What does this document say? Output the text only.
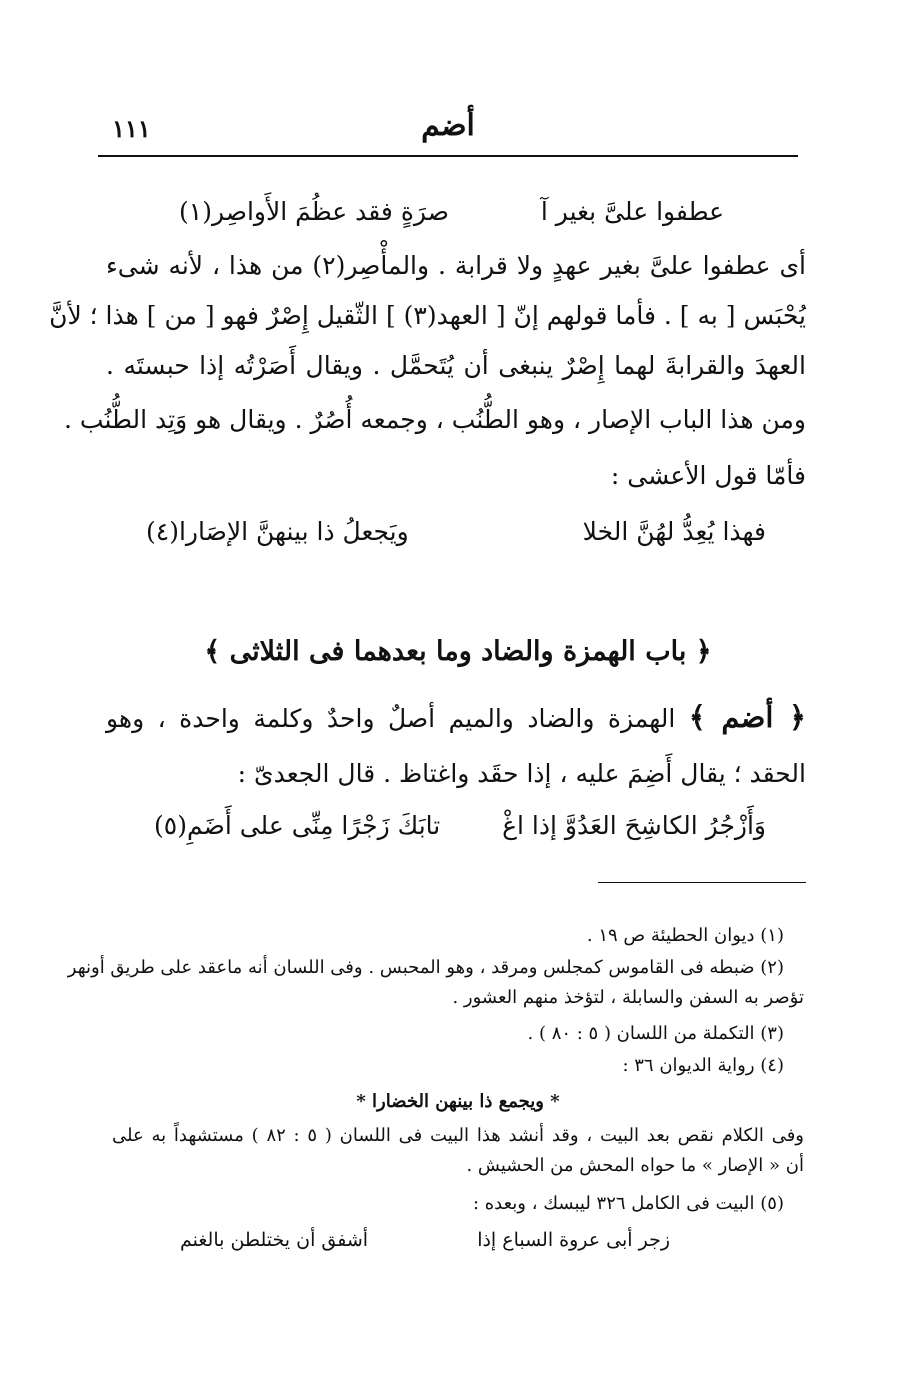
أضم
١١١
عطفوا علىَّ بغير آ
صرَةٍ فقد عظُمَ الأَواصِر(١)
أى عطفوا علىَّ بغير عهدٍ ولا قرابة . والمأْصِر(٢) من هذا ، لأنه شىء
يُحْبَس [ به ] . فأما قولهم إنّ [ العهد(٣) ] الثّقيل إِصْرٌ فهو [ من ] هذا ؛ لأنَّ
العهدَ والقرابةَ لهما إِصْرٌ ينبغى أن يُتَحمَّل . ويقال أَصَرْتُه إذا حبستَه .
ومن هذا الباب الإصار ، وهو الطُّنُب ، وجمعه أُصُرٌ . ويقال هو وَتِد الطُّنُب .
فأمّا قول الأعشى :
فهذا يُعِدُّ لهُنَّ الخلا
ويَجعلُ ذا بينهنَّ الإصَارا(٤)
﴿ باب الهمزة والضاد وما بعدهما فى الثلاثى ﴾
﴿ أضم ﴾ الهمزة والضاد والميم أصلٌ واحدٌ وكلمة واحدة ، وهو
الحقد ؛ يقال أَضِمَ عليه ، إذا حقَد واغتاظ . قال الجعدىّ :
وَأَزْجُرُ الكاشِحَ العَدُوَّ إذا اغْ
تابَكَ زَجْرًا مِنِّى على أَضَمِ(٥)
(١) ديوان الحطيئة ص ١٩ .
(٢) ضبطه فى القاموس كمجلس ومرقد ، وهو المحبس . وفى اللسان أنه ماعقد على طريق أونهر
تؤصر به السفن والسابلة ، لتؤخذ منهم العشور .
(٣) التكملة من اللسان ( ٥ : ٨٠ ) .
(٤) رواية الديوان ٣٦ :
* ويجمع ذا بينهن الخضارا *
وفى الكلام نقص بعد البيت ، وقد أنشد هذا البيت فى اللسان ( ٥ : ٨٢ ) مستشهداً به على
أن « الإصار » ما حواه المحش من الحشيش .
(٥) البيت فى الكامل ٣٢٦ ليبسك ، وبعده :
زجر أبى عروة السباع إذا
أشفق أن يختلطن بالغنم
